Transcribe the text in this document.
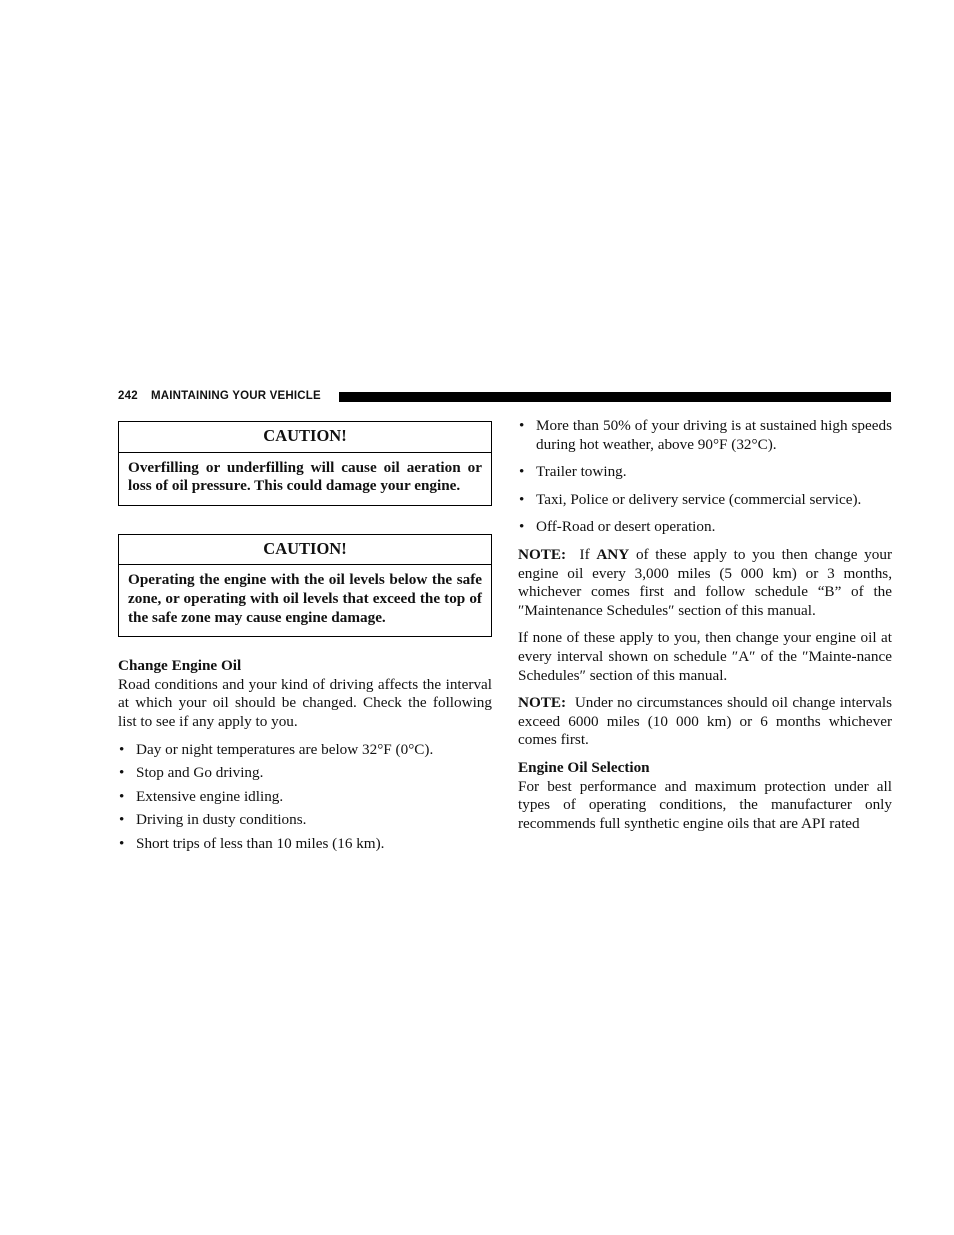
242 MAINTAINING YOUR VEHICLE
CAUTION!
Overfilling or underfilling will cause oil aeration or loss of oil pressure. This could damage your engine.
CAUTION!
Operating the engine with the oil levels below the safe zone, or operating with oil levels that exceed the top of the safe zone may cause engine damage.
Change Engine Oil

Road conditions and your kind of driving affects the interval at which your oil should be changed. Check the following list to see if any apply to you.

• Day or night temperatures are below 32°F (0°C).
• Stop and Go driving.
• Extensive engine idling.
• Driving in dusty conditions.
• Short trips of less than 10 miles (16 km).
• More than 50% of your driving is at sustained high speeds during hot weather, above 90°F (32°C).
• Trailer towing.
• Taxi, Police or delivery service (commercial service).
• Off-Road or desert operation.

NOTE: If ANY of these apply to you then change your engine oil every 3,000 miles (5 000 km) or 3 months, whichever comes first and follow schedule “B” of the ″Maintenance Schedules″ section of this manual.

If none of these apply to you, then change your engine oil at every interval shown on schedule ″A″ of the ″Mainte-nance Schedules″ section of this manual.

NOTE: Under no circumstances should oil change intervals exceed 6000 miles (10 000 km) or 6 months whichever comes first.

Engine Oil Selection

For best performance and maximum protection under all types of operating conditions, the manufacturer only recommends full synthetic engine oils that are API rated
